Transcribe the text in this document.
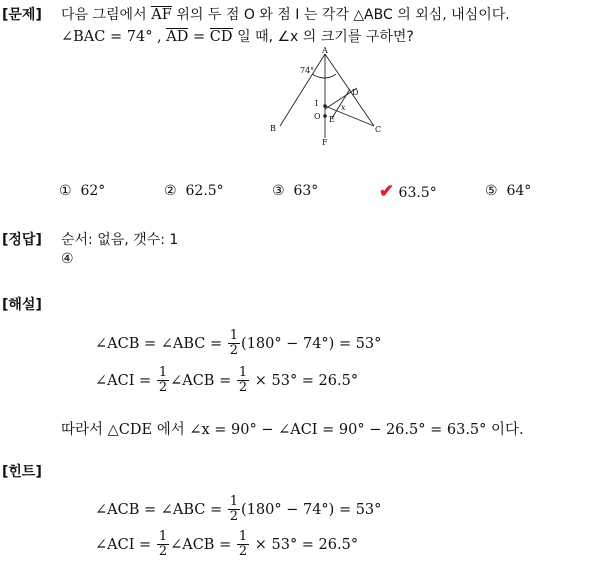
[문제] 다음 그림에서 AF 위의 두 점 O 와 점 I 는 각각 △ABC 의 외심, 내심이다.
∠BAC = 74° , AD = CD 일 때, ∠x 의 크기를 구하면?
A
B	C
D
E
F
I
O
74°
x
① 62°	② 62.5°	③ 63°	✔ 63.5°	⑤ 64°
[정답] 순서: 없음, 갯수: 1
④
[해설]
∠ACB = ∠ABC = $\frac{1}{2} (180^\circ - 74^\circ) = 53^\circ$
∠ACI = $\frac{1}{2}$ ∠ACB = $\frac{1}{2} \times 53^\circ = 26.5^\circ$
따라서 △CDE 에서 ∠x = 90° − ∠ACI = 90° − 26.5° = 63.5° 이다.
[힌트]
∠ACB = ∠ABC = $\frac{1}{2} (180^\circ - 74^\circ) = 53^\circ$
∠ACI = $\frac{1}{2}$ ∠ACB = $\frac{1}{2} \times 53^\circ = 26.5^\circ$
